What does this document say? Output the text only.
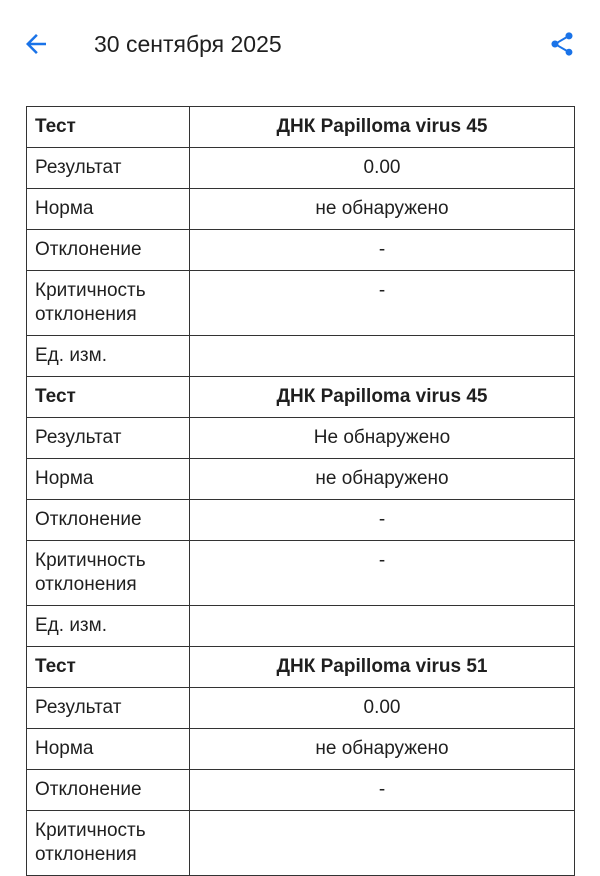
30 сентября 2025
Тест	ДНК Papilloma virus 45
Результат	0.00
Норма	не обнаружено
Отклонение	-
Критичность отклонения	-
Ед. изм.	
Тест	ДНК Papilloma virus 45
Результат	Не обнаружено
Норма	не обнаружено
Отклонение	-
Критичность отклонения	-
Ед. изм.	
Тест	ДНК Papilloma virus 51
Результат	0.00
Норма	не обнаружено
Отклонение	-
Критичность отклонения	
